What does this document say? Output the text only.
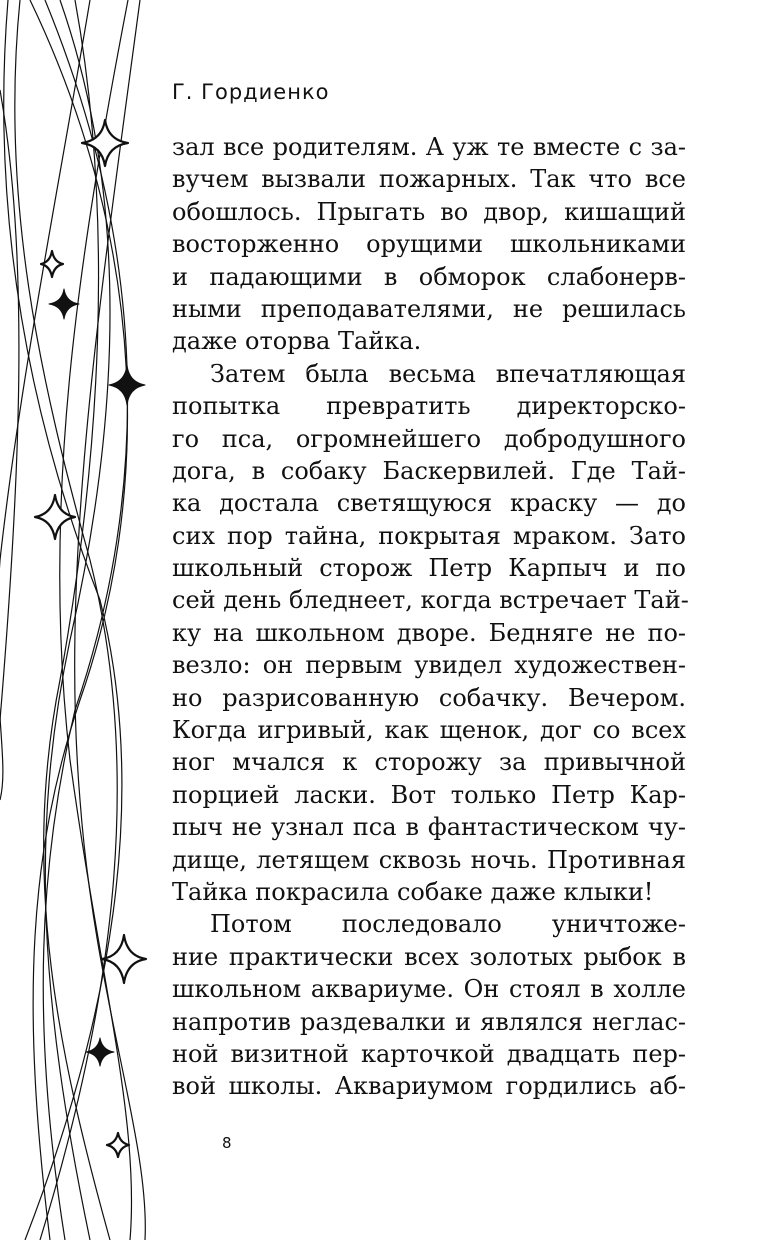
Г. Гордиенко

зал все родителям. А уж те вместе с за-
вучем вызвали пожарных. Так что все
обошлось. Прыгать во двор, кишащий
восторженно орущими школьниками
и падающими в обморок слабонерв-
ными преподавателями, не решилась
даже оторва Тайка.
Затем была весьма впечатляющая
попытка превратить директорско-
го пса, огромнейшего добродушного
дога, в собаку Баскервилей. Где Тай-
ка достала светящуюся краску — до
сих пор тайна, покрытая мраком. Зато
школьный сторож Петр Карпыч и по
сей день бледнеет, когда встречает Тай-
ку на школьном дворе. Бедняге не по-
везло: он первым увидел художествен-
но разрисованную собачку. Вечером.
Когда игривый, как щенок, дог со всех
ног мчался к сторожу за привычной
порцией ласки. Вот только Петр Кар-
пыч не узнал пса в фантастическом чу-
дище, летящем сквозь ночь. Противная
Тайка покрасила собаке даже клыки!
Потом последовало уничтоже-
ние практически всех золотых рыбок в
школьном аквариуме. Он стоял в холле
напротив раздевалки и являлся неглас-
ной визитной карточкой двадцать пер-
вой школы. Аквариумом гордились аб-
8
